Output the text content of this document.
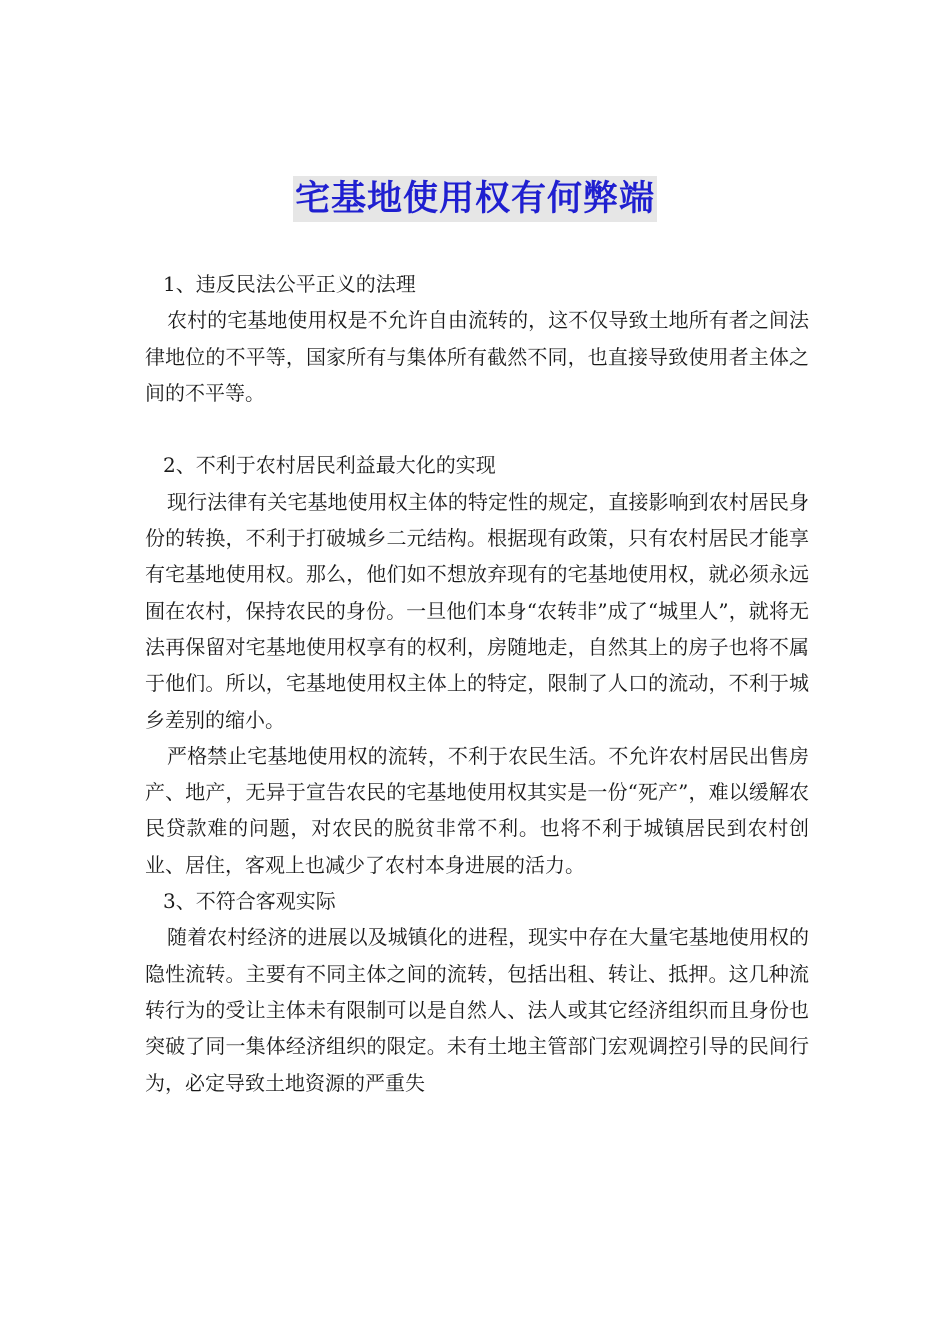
宅基地使用权有何弊端

1、违反民法公平正义的法理

农村的宅基地使用权是不允许自由流转的，这不仅导致土地所有者之间法律地位的不平等，国家所有与集体所有截然不同，也直接导致使用者主体之间的不平等。

2、不利于农村居民利益最大化的实现

现行法律有关宅基地使用权主体的特定性的规定，直接影响到农村居民身份的转换，不利于打破城乡二元结构。根据现有政策，只有农村居民才能享有宅基地使用权。那么，他们如不想放弃现有的宅基地使用权，就必须永远囿在农村，保持农民的身份。一旦他们本身“农转非”成了“城里人”，就将无法再保留对宅基地使用权享有的权利，房随地走，自然其上的房子也将不属于他们。所以，宅基地使用权主体上的特定，限制了人口的流动，不利于城乡差别的缩小。

严格禁止宅基地使用权的流转，不利于农民生活。不允许农村居民出售房产、地产，无异于宣告农民的宅基地使用权其实是一份“死产”，难以缓解农民贷款难的问题，对农民的脱贫非常不利。也将不利于城镇居民到农村创业、居住，客观上也减少了农村本身进展的活力。

3、不符合客观实际

随着农村经济的进展以及城镇化的进程，现实中存在大量宅基地使用权的隐性流转。主要有不同主体之间的流转，包括出租、转让、抵押。这几种流转行为的受让主体未有限制可以是自然人、法人或其它经济组织而且身份也突破了同一集体经济组织的限定。未有土地主管部门宏观调控引导的民间行为，必定导致土地资源的严重失
